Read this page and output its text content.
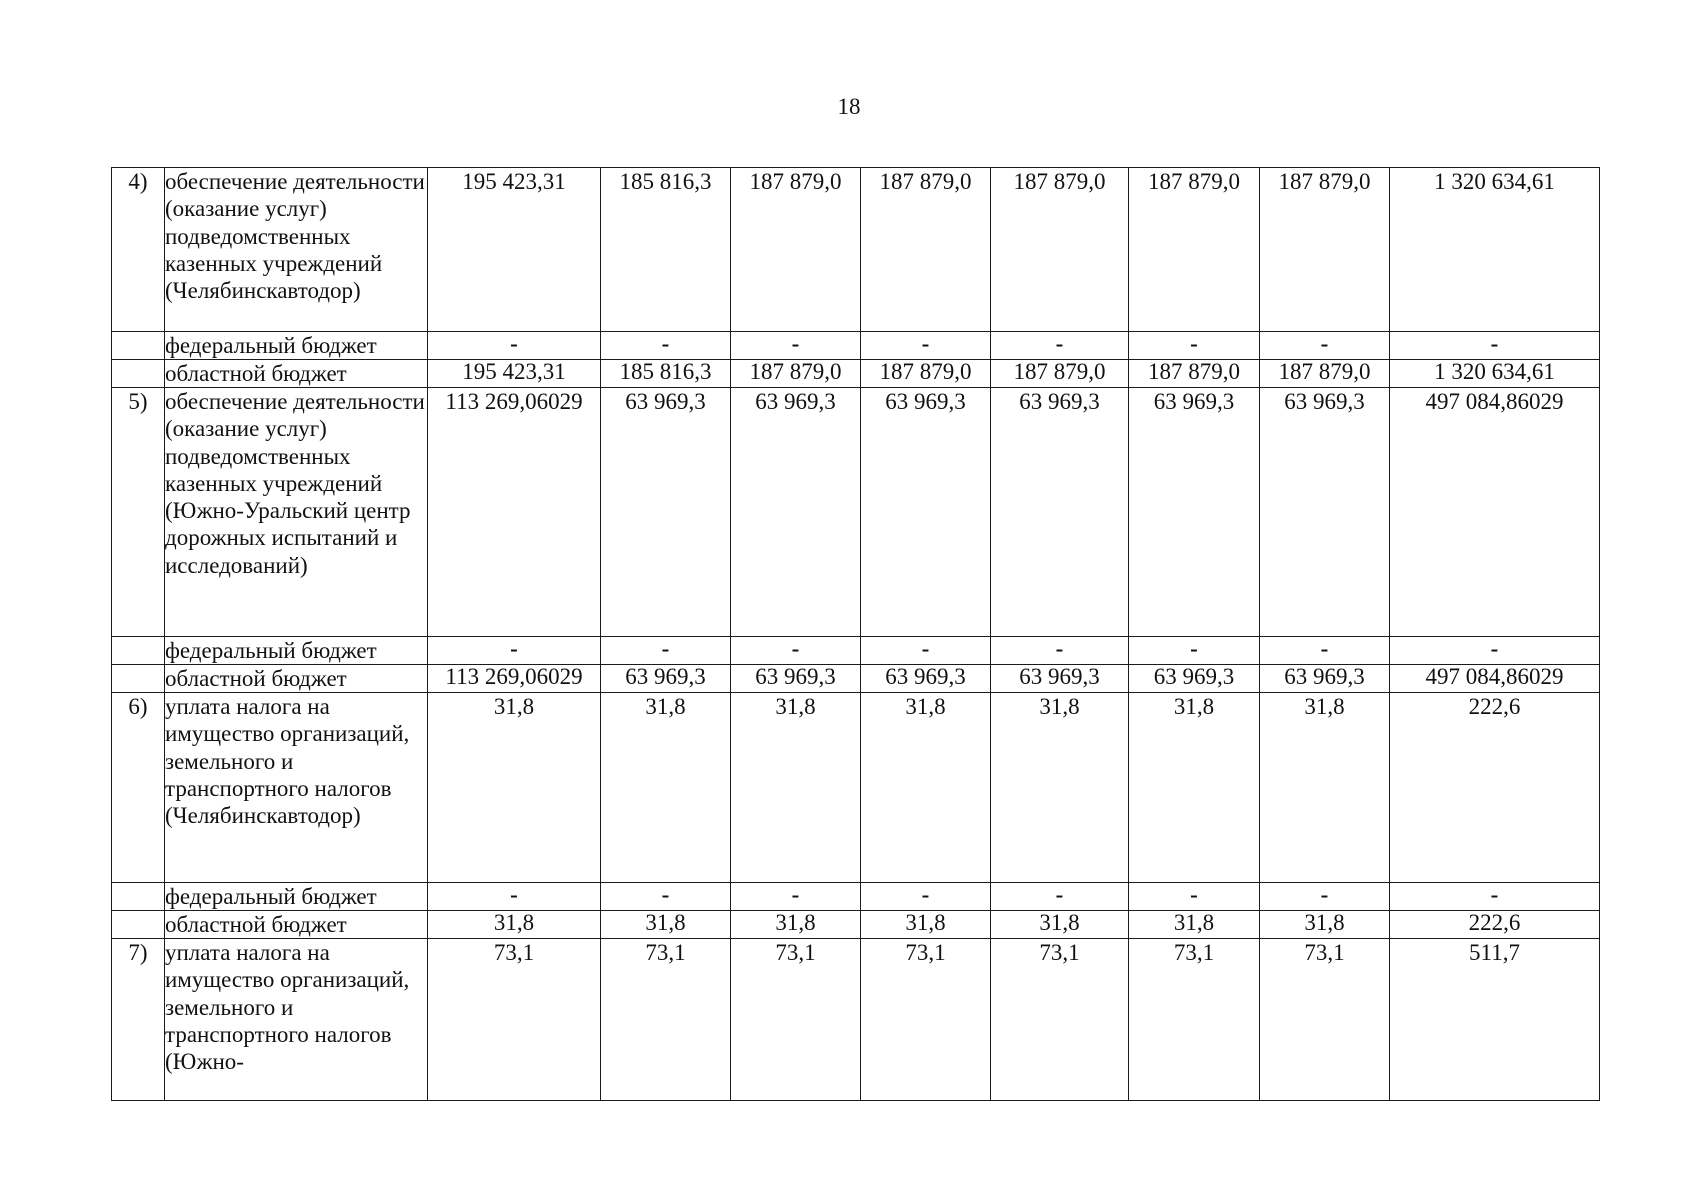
18
4)	обеспечение деятельности (оказание услуг) подведомственных казенных учреждений (Челябинскавтодор)	195 423,31	185 816,3	187 879,0	187 879,0	187 879,0	187 879,0	187 879,0	1 320 634,61
	федеральный бюджет	-	-	-	-	-	-	-	-
	областной бюджет	195 423,31	185 816,3	187 879,0	187 879,0	187 879,0	187 879,0	187 879,0	1 320 634,61
5)	обеспечение деятельности (оказание услуг) подведомственных казенных учреждений (Южно-Уральский центр дорожных испытаний и исследований)	113 269,06029	63 969,3	63 969,3	63 969,3	63 969,3	63 969,3	63 969,3	497 084,86029
	федеральный бюджет	-	-	-	-	-	-	-	-
	областной бюджет	113 269,06029	63 969,3	63 969,3	63 969,3	63 969,3	63 969,3	63 969,3	497 084,86029
6)	уплата налога на имущество организаций, земельного и транспортного налогов (Челябинскавтодор)	31,8	31,8	31,8	31,8	31,8	31,8	31,8	222,6
	федеральный бюджет	-	-	-	-	-	-	-	-
	областной бюджет	31,8	31,8	31,8	31,8	31,8	31,8	31,8	222,6
7)	уплата налога на имущество организаций, земельного и транспортного налогов (Южно-	73,1	73,1	73,1	73,1	73,1	73,1	73,1	511,7
